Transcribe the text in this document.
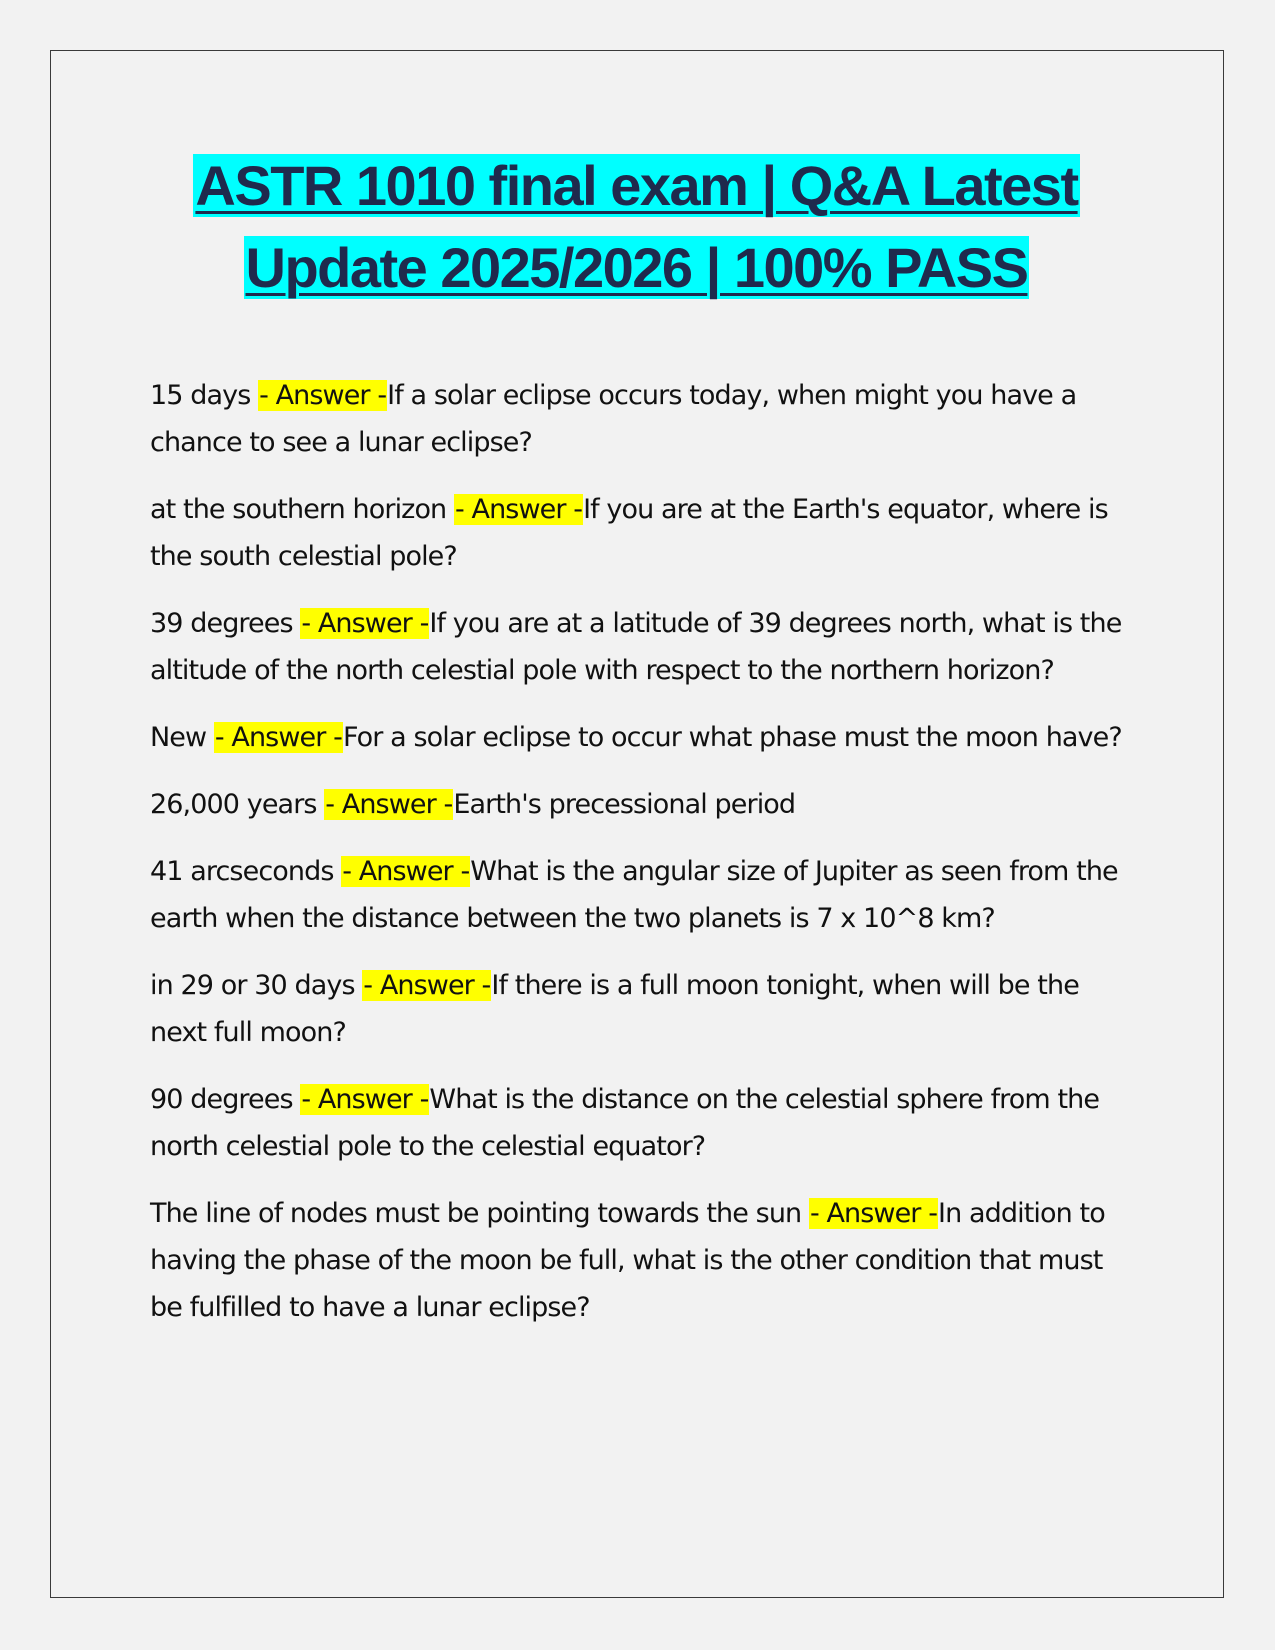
ASTR 1010 final exam | Q&A Latest
Update 2025/2026 | 100% PASS

15 days - Answer -If a solar eclipse occurs today, when might you have a chance to see a lunar eclipse?

at the southern horizon - Answer -If you are at the Earth's equator, where is the south celestial pole?

39 degrees - Answer -If you are at a latitude of 39 degrees north, what is the altitude of the north celestial pole with respect to the northern horizon?

New - Answer -For a solar eclipse to occur what phase must the moon have?

26,000 years - Answer -Earth's precessional period

41 arcseconds - Answer -What is the angular size of Jupiter as seen from the earth when the distance between the two planets is 7 x 10^8 km?

in 29 or 30 days - Answer -If there is a full moon tonight, when will be the next full moon?

90 degrees - Answer -What is the distance on the celestial sphere from the north celestial pole to the celestial equator?

The line of nodes must be pointing towards the sun - Answer -In addition to having the phase of the moon be full, what is the other condition that must be fulfilled to have a lunar eclipse?
